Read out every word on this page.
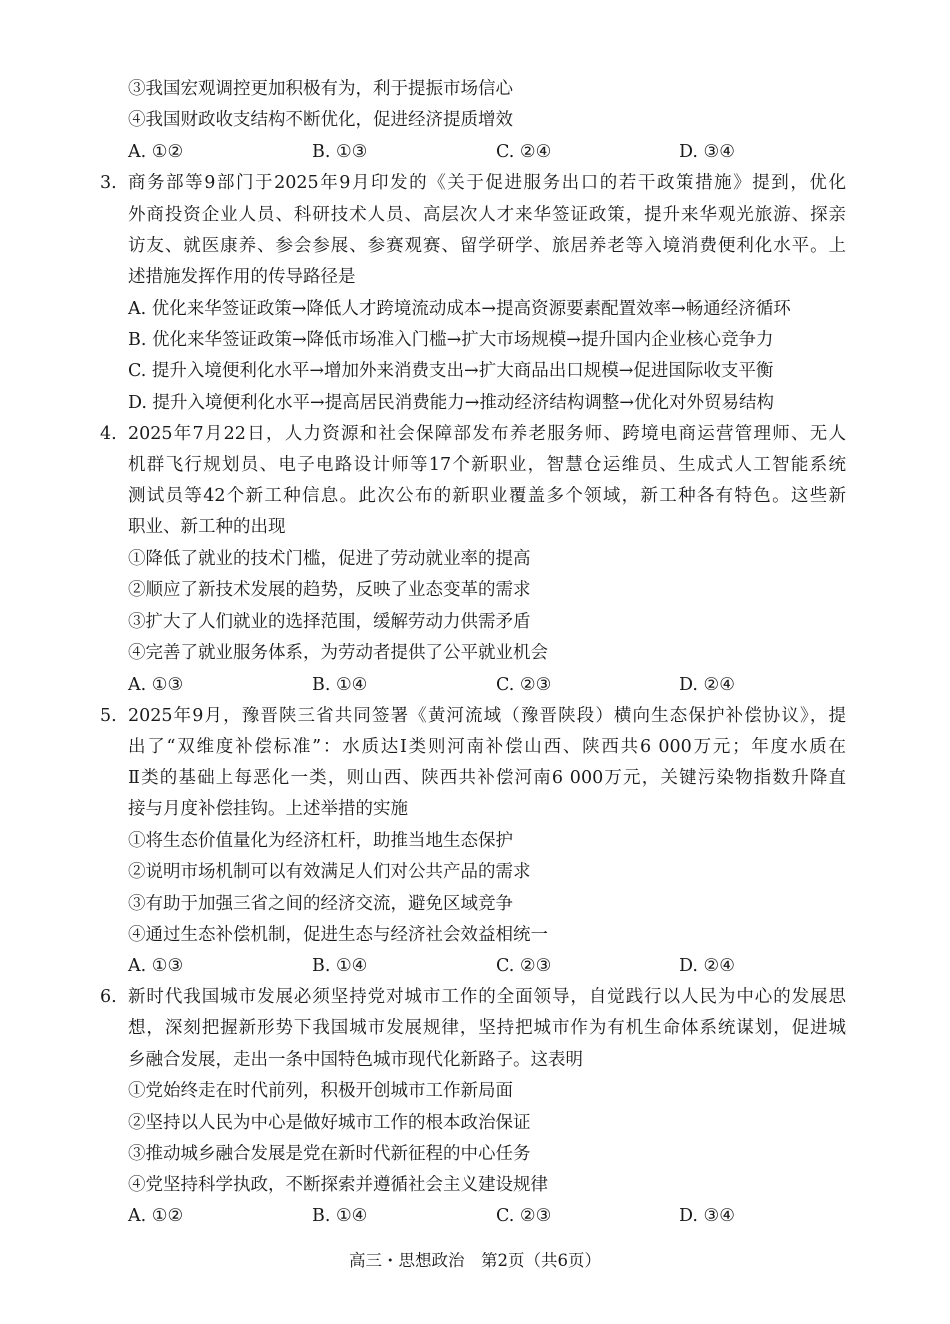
③我国宏观调控更加积极有为，利于提振市场信心
④我国财政收支结构不断优化，促进经济提质增效
A. ①②	B. ①③	C. ②④	D. ③④
3. 商务部等9部门于2025年9月印发的《关于促进服务出口的若干政策措施》提到，优化
外商投资企业人员、科研技术人员、高层次人才来华签证政策，提升来华观光旅游、探亲
访友、就医康养、参会参展、参赛观赛、留学研学、旅居养老等入境消费便利化水平。上
述措施发挥作用的传导路径是
A. 优化来华签证政策→降低人才跨境流动成本→提高资源要素配置效率→畅通经济循环
B. 优化来华签证政策→降低市场准入门槛→扩大市场规模→提升国内企业核心竞争力
C. 提升入境便利化水平→增加外来消费支出→扩大商品出口规模→促进国际收支平衡
D. 提升入境便利化水平→提高居民消费能力→推动经济结构调整→优化对外贸易结构
4. 2025年7月22日，人力资源和社会保障部发布养老服务师、跨境电商运营管理师、无人
机群飞行规划员、电子电路设计师等17个新职业，智慧仓运维员、生成式人工智能系统
测试员等42个新工种信息。此次公布的新职业覆盖多个领域，新工种各有特色。这些新
职业、新工种的出现
①降低了就业的技术门槛，促进了劳动就业率的提高
②顺应了新技术发展的趋势，反映了业态变革的需求
③扩大了人们就业的选择范围，缓解劳动力供需矛盾
④完善了就业服务体系，为劳动者提供了公平就业机会
A. ①③	B. ①④	C. ②③	D. ②④
5. 2025年9月，豫晋陕三省共同签署《黄河流域（豫晋陕段）横向生态保护补偿协议》，提
出了“双维度补偿标准”：水质达Ⅰ类则河南补偿山西、陕西共6 000万元；年度水质在
Ⅱ类的基础上每恶化一类，则山西、陕西共补偿河南6 000万元，关键污染物指数升降直
接与月度补偿挂钩。上述举措的实施
①将生态价值量化为经济杠杆，助推当地生态保护
②说明市场机制可以有效满足人们对公共产品的需求
③有助于加强三省之间的经济交流，避免区域竞争
④通过生态补偿机制，促进生态与经济社会效益相统一
A. ①③	B. ①④	C. ②③	D. ②④
6. 新时代我国城市发展必须坚持党对城市工作的全面领导，自觉践行以人民为中心的发展思
想，深刻把握新形势下我国城市发展规律，坚持把城市作为有机生命体系统谋划，促进城
乡融合发展，走出一条中国特色城市现代化新路子。这表明
①党始终走在时代前列，积极开创城市工作新局面
②坚持以人民为中心是做好城市工作的根本政治保证
③推动城乡融合发展是党在新时代新征程的中心任务
④党坚持科学执政，不断探索并遵循社会主义建设规律
A. ①②	B. ①④	C. ②③	D. ③④
高三・思想政治　第2页（共6页）
